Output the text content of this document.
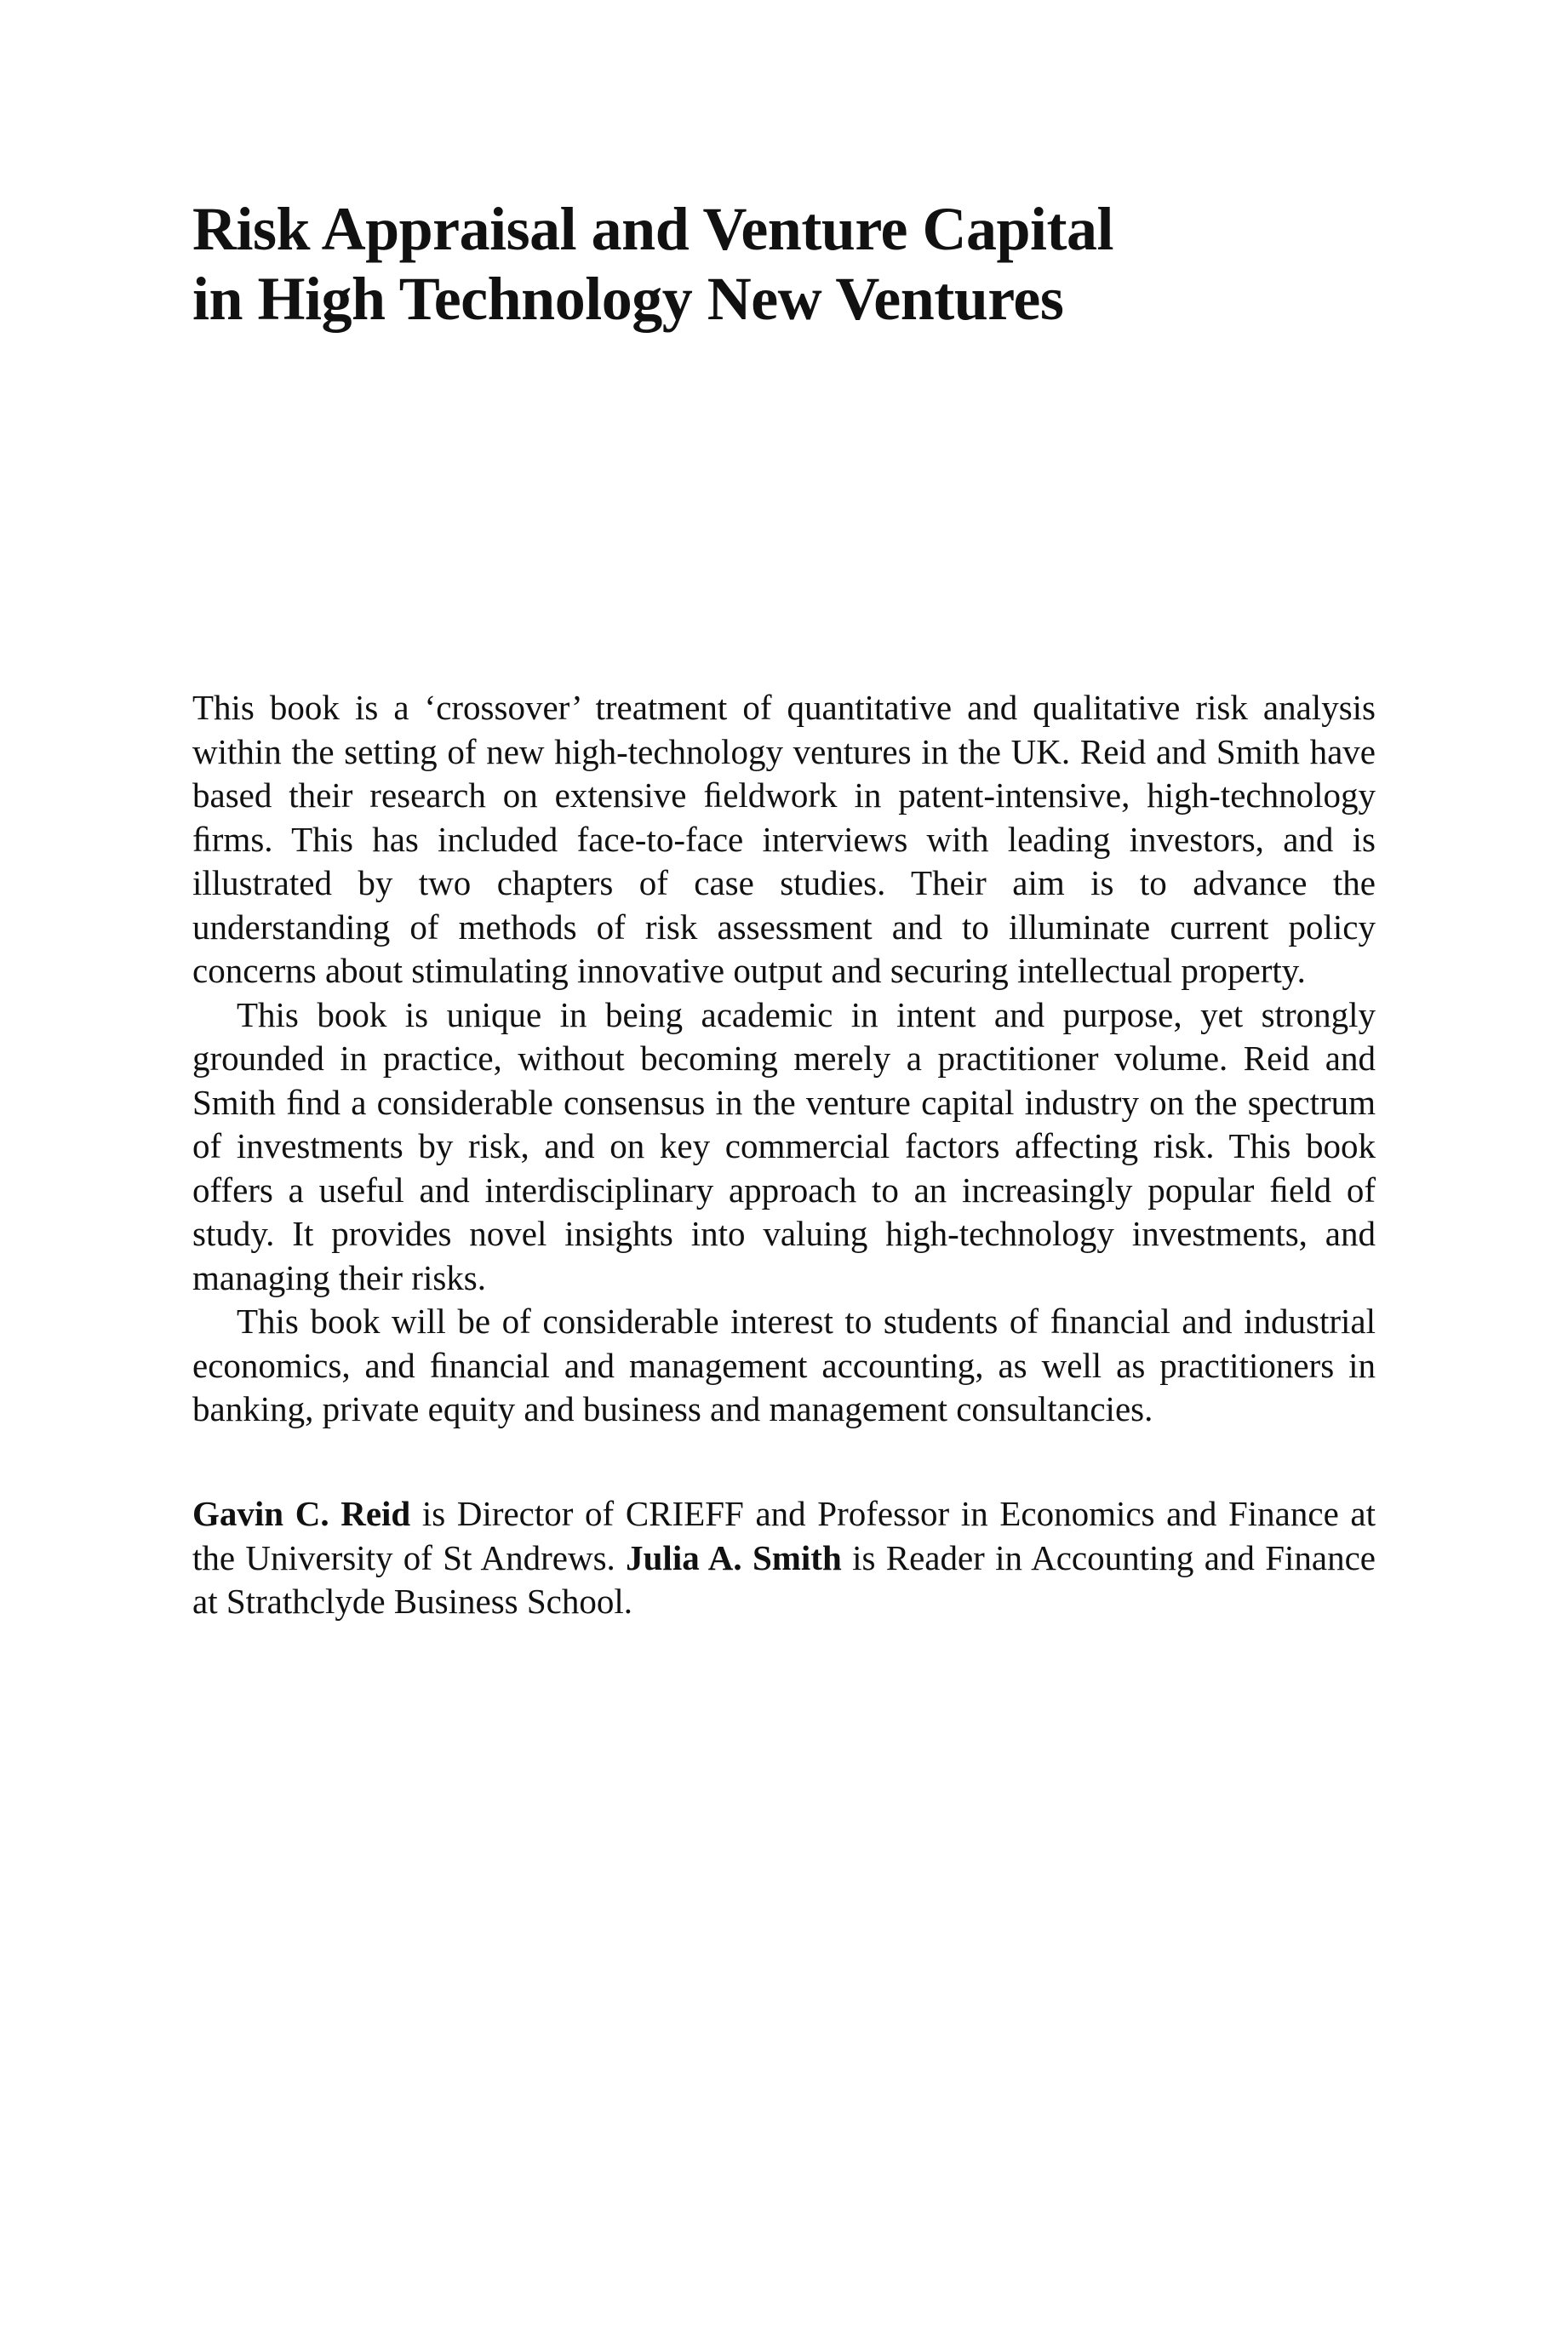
Risk Appraisal and Venture Capital
in High Technology New Ventures

This book is a ‘crossover’ treatment of quantitative and qualitative risk analysis within the setting of new high-technology ventures in the UK. Reid and Smith have based their research on extensive ﬁeldwork in patent-intensive, high-technology ﬁrms. This has included face-to-face interviews with leading investors, and is illustrated by two chapters of case studies. Their aim is to advance the understanding of methods of risk assessment and to illuminate current policy concerns about stimulating innovative output and securing intellectual property.

This book is unique in being academic in intent and purpose, yet strongly grounded in practice, without becoming merely a practitioner volume. Reid and Smith ﬁnd a considerable consensus in the venture capital industry on the spectrum of investments by risk, and on key commercial factors affecting risk. This book offers a useful and interdisciplinary approach to an increasingly popular ﬁeld of study. It provides novel insights into valuing high-technology investments, and managing their risks.

This book will be of considerable interest to students of ﬁnancial and industrial economics, and ﬁnancial and management accounting, as well as practitioners in banking, private equity and business and management consultancies.

Gavin C. Reid is Director of CRIEFF and Professor in Economics and Finance at the University of St Andrews. Julia A. Smith is Reader in Accounting and Finance at Strathclyde Business School.
